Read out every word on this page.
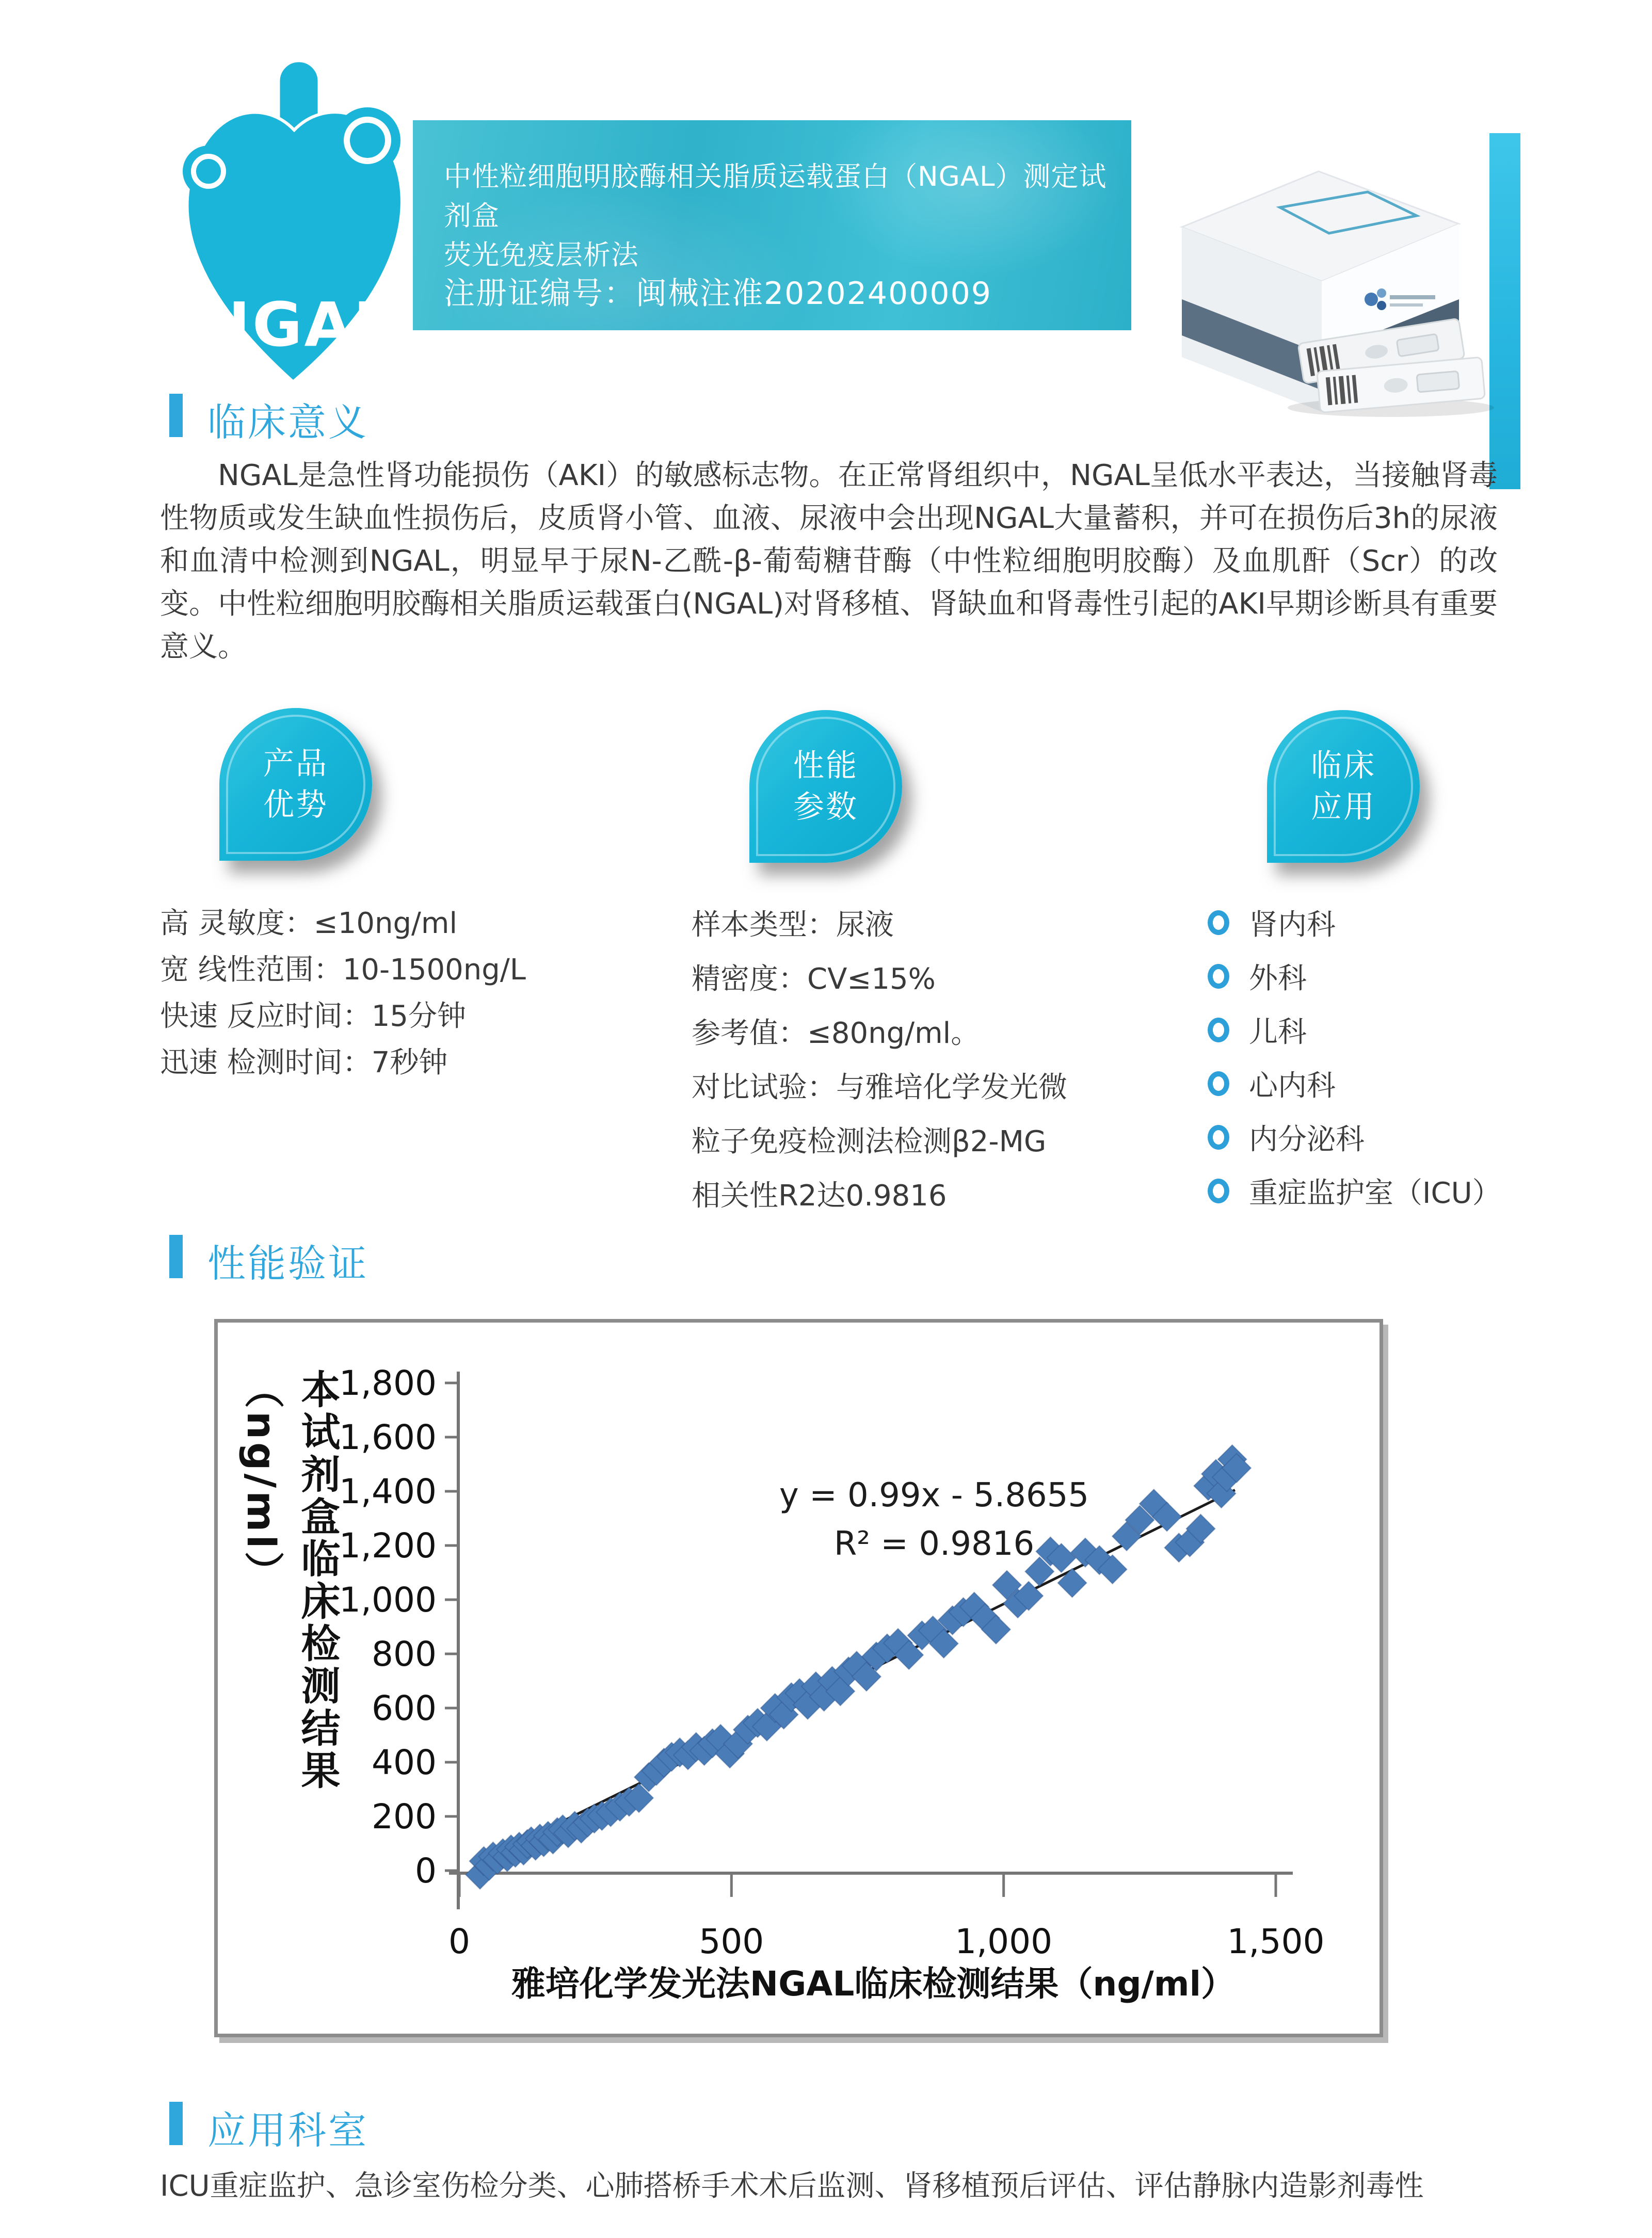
中性粒细胞明胶酶相关脂质运载蛋白（NGAL）测定试剂盒
荧光免疫层析法
注册证编号：闽械注准20202400009
NGAL
临床意义
NGAL是急性肾功能损伤（AKI）的敏感标志物。在正常肾组织中，NGAL呈低水平表达，当接触肾毒性物质或发生缺血性损伤后，皮质肾小管、血液、尿液中会出现NGAL大量蓄积，并可在损伤后3h的尿液和血清中检测到NGAL，明显早于尿N-乙酰-β-葡萄糖苷酶（中性粒细胞明胶酶）及血肌酐（Scr）的改变。中性粒细胞明胶酶相关脂质运载蛋白(NGAL)对肾移植、肾缺血和肾毒性引起的AKI早期诊断具有重要意义。
产品
优势
性能
参数
临床
应用
高 灵敏度：≤10ng/ml
宽 线性范围：10-1500ng/L
快速 反应时间：15分钟
迅速 检测时间：7秒钟
样本类型：尿液
精密度：CV≤15%
参考值：≤80ng/ml。
对比试验：与雅培化学发光微
粒子免疫检测法检测β2-MG
相关性R2达0.9816
肾内科
外科
儿科
心内科
内分泌科
重症监护室（ICU）
性能验证
0
200
400
600
800
1,000
1,200
1,400
1,600
1,800
0	500	1,000	1,500
本试剂盒临床检测结果（ng/ml）
雅培化学发光法NGAL临床检测结果（ng/ml）
y = 0.99x - 5.8655
R² = 0.9816
应用科室
ICU重症监护、急诊室伤检分类、心肺搭桥手术术后监测、肾移植预后评估、评估静脉内造影剂毒性
